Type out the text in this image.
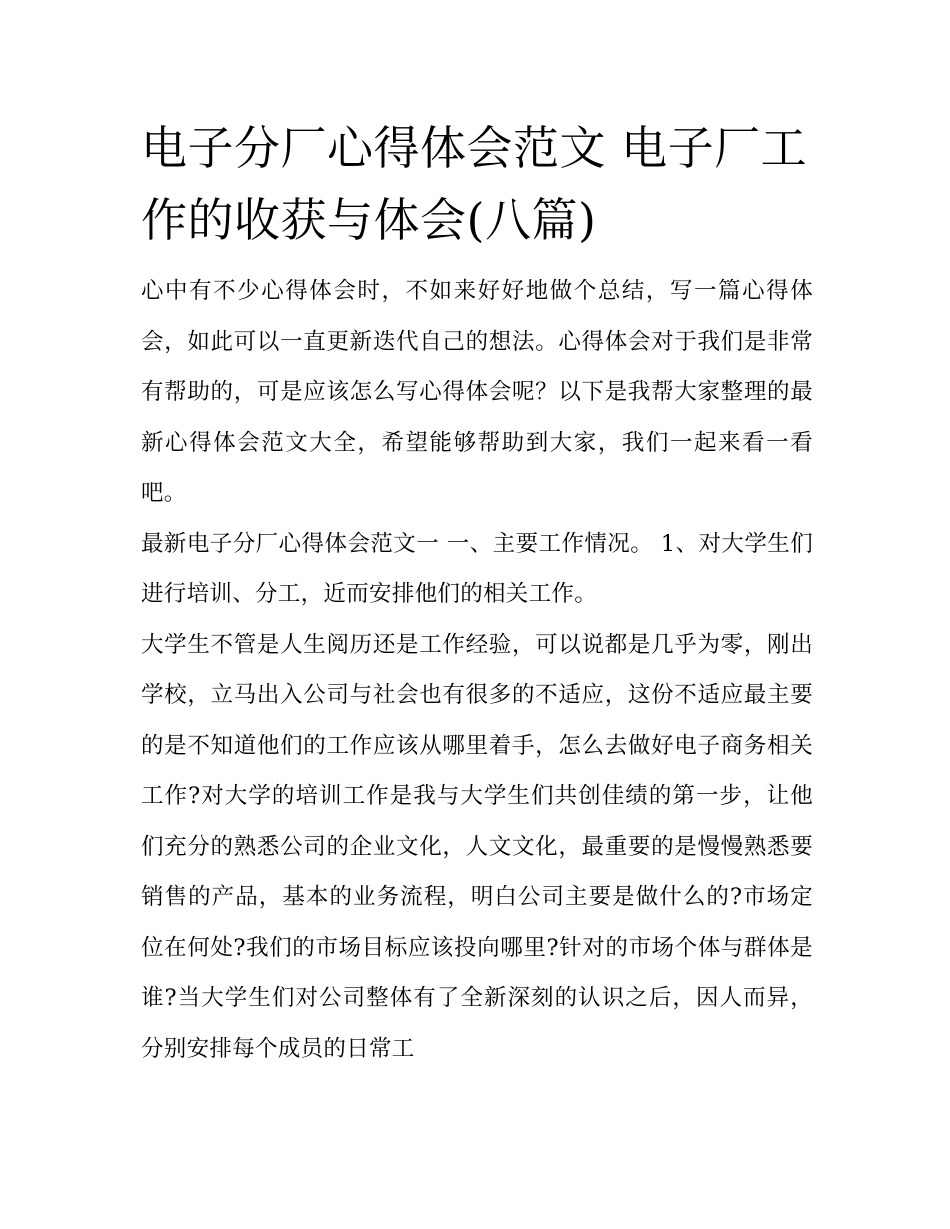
电子分厂心得体会范文 电子厂工作的收获与体会(八篇)

心中有不少心得体会时，不如来好好地做个总结，写一篇心得体会，如此可以一直更新迭代自己的想法。心得体会对于我们是非常有帮助的，可是应该怎么写心得体会呢？以下是我帮大家整理的最新心得体会范文大全，希望能够帮助到大家，我们一起来看一看吧。

最新电子分厂心得体会范文一 一、主要工作情况。 1、对大学生们进行培训、分工，近而安排他们的相关工作。

大学生不管是人生阅历还是工作经验，可以说都是几乎为零，刚出学校，立马出入公司与社会也有很多的不适应，这份不适应最主要的是不知道他们的工作应该从哪里着手，怎么去做好电子商务相关工作?对大学的培训工作是我与大学生们共创佳绩的第一步，让他们充分的熟悉公司的企业文化，人文文化，最重要的是慢慢熟悉要销售的产品，基本的业务流程，明白公司主要是做什么的?市场定位在何处?我们的市场目标应该投向哪里?针对的市场个体与群体是谁?当大学生们对公司整体有了全新深刻的认识之后，因人而异，分别安排每个成员的日常工
